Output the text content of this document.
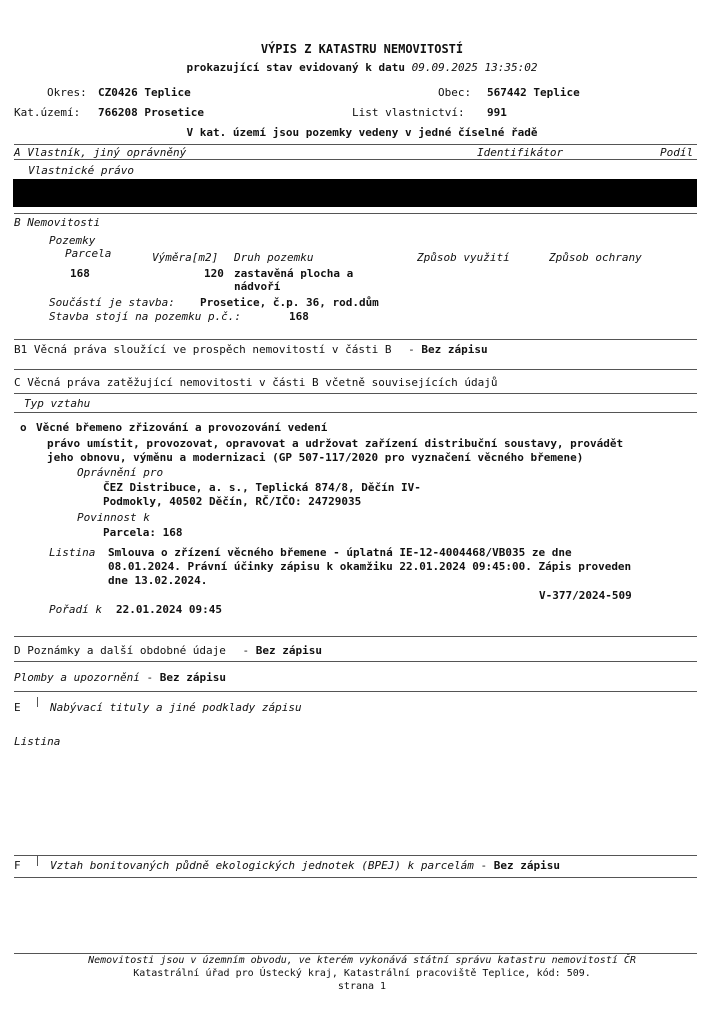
VÝPIS Z KATASTRU NEMOVITOSTÍ
prokazující stav evidovaný k datu 09.09.2025 13:35:02
Okres: CZ0426 Teplice	Obec: 567442 Teplice
Kat.území: 766208 Prosetice	List vlastnictví: 991
V kat. území jsou pozemky vedeny v jedné číselné řadě
A Vlastník, jiný oprávněný	Identifikátor	Podíl
Vlastnické právo
B Nemovitosti
Pozemky
Parcela	Výměra[m2] Druh pozemku	Způsob využití	Způsob ochrany
168	120 zastavěná plocha a
nádvoří
Součástí je stavba: Prosetice, č.p. 36, rod.dům
Stavba stojí na pozemku p.č.:	168
B1 Věcná práva sloužící ve prospěch nemovitostí v části B - Bez zápisu
C Věcná práva zatěžující nemovitosti v části B včetně souvisejících údajů
Typ vztahu
o Věcné břemeno zřizování a provozování vedení
právo umístit, provozovat, opravovat a udržovat zařízení distribuční soustavy, provádět
jeho obnovu, výměnu a modernizaci (GP 507-117/2020 pro vyznačení věcného břemene)
Oprávnění pro
ČEZ Distribuce, a. s., Teplická 874/8, Děčín IV-
Podmokly, 40502 Děčín, RČ/IČO: 24729035
Povinnost k
Parcela: 168
Listina Smlouva o zřízení věcného břemene - úplatná IE-12-4004468/VB035 ze dne
08.01.2024. Právní účinky zápisu k okamžiku 22.01.2024 09:45:00. Zápis proveden
dne 13.02.2024.
V-377/2024-509
Pořadí k 22.01.2024 09:45
D Poznámky a další obdobné údaje - Bez zápisu
Plomby a upozornění - Bez zápisu
E	Nabývací tituly a jiné podklady zápisu
Listina
F	Vztah bonitovaných půdně ekologických jednotek (BPEJ) k parcelám - Bez zápisu
Nemovitosti jsou v územním obvodu, ve kterém vykonává státní správu katastru nemovitostí ČR
Katastrální úřad pro Ústecký kraj, Katastrální pracoviště Teplice, kód: 509.
strana 1
